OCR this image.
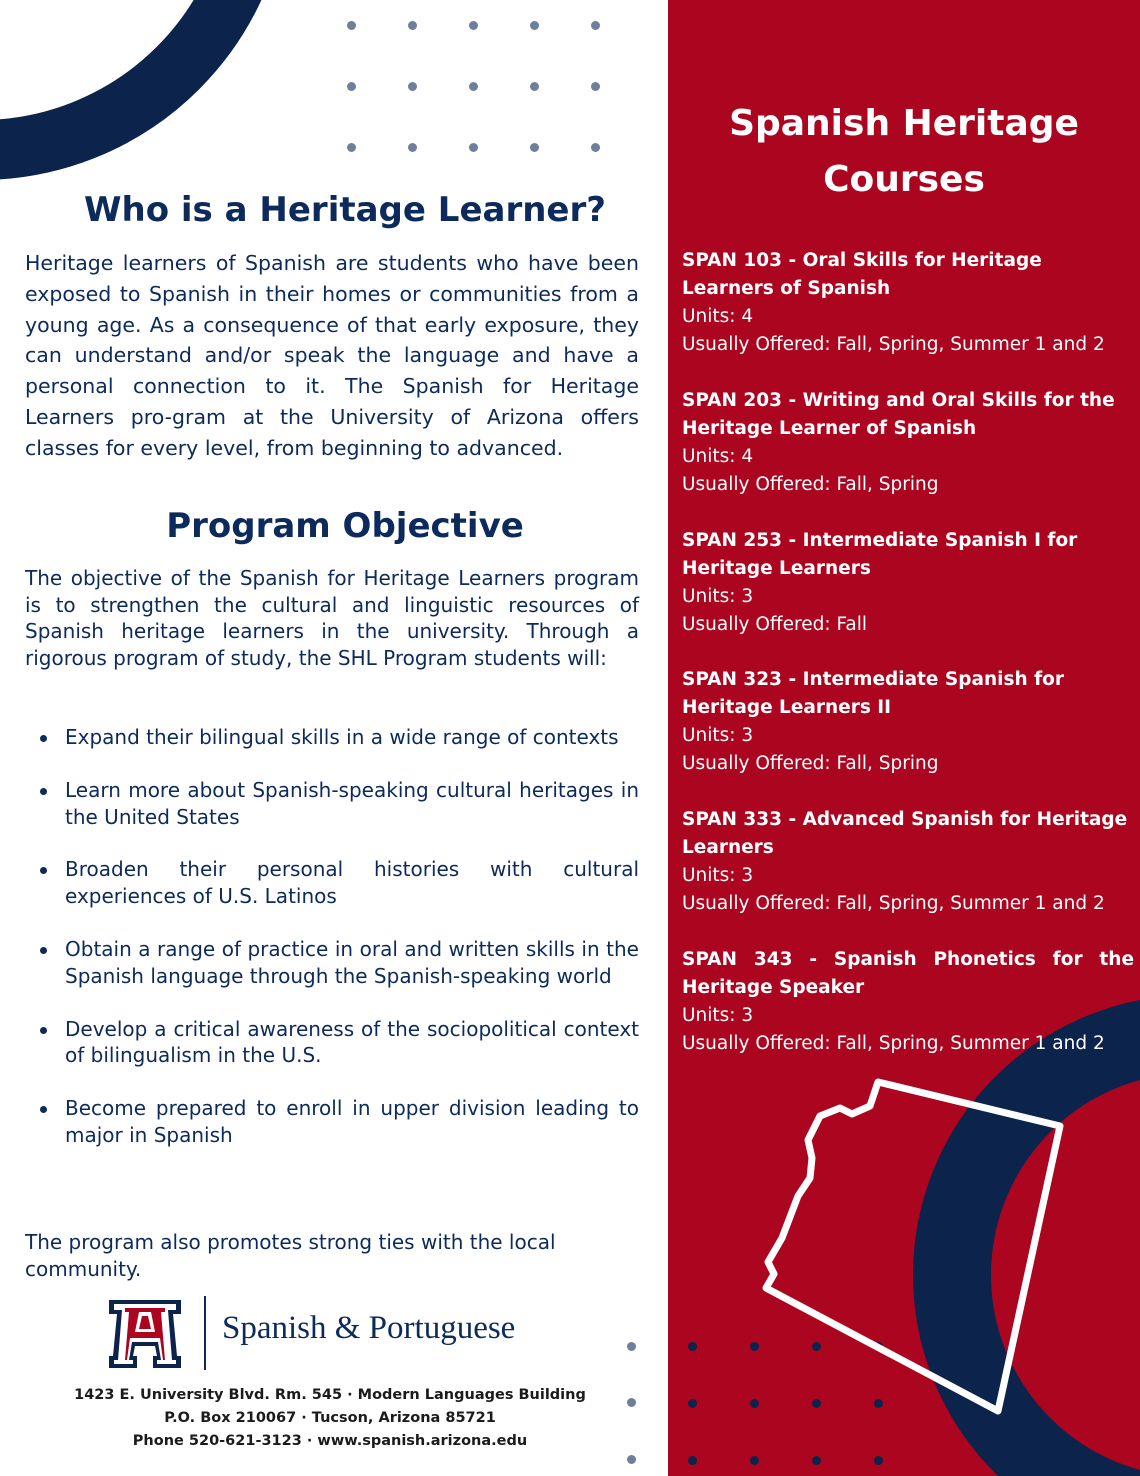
Who is a Heritage Learner?

Heritage learners of Spanish are students who have been exposed to Spanish in their homes or communities from a young age. As a consequence of that early exposure, they can understand and/or speak the language and have a personal connection to it. The Spanish for Heritage Learners pro-gram at the University of Arizona offers classes for every level, from beginning to advanced.

Program Objective

The objective of the Spanish for Heritage Learners program is to strengthen the cultural and linguistic resources of Spanish heritage learners in the university. Through a rigorous program of study, the SHL Program students will:

Expand their bilingual skills in a wide range of contexts
Learn more about Spanish-speaking cultural heritages in the United States
Broaden their personal histories with cultural experiences of U.S. Latinos
Obtain a range of practice in oral and written skills in the Spanish language through the Spanish-speaking world
Develop a critical awareness of the sociopolitical context of bilingualism in the U.S.
Become prepared to enroll in upper division leading to major in Spanish

The program also promotes strong ties with the local community.

Spanish & Portuguese
1423 E. University Blvd. Rm. 545 · Modern Languages Building
P.O. Box 210067 · Tucson, Arizona 85721
Phone 520-621-3123 · www.spanish.arizona.edu
Spanish Heritage
Courses
SPAN 103 - Oral Skills for Heritage Learners of Spanish
Units: 4
Usually Offered: Fall, Spring, Summer 1 and 2
SPAN 203 - Writing and Oral Skills for the Heritage Learner of Spanish
Units: 4
Usually Offered: Fall, Spring
SPAN 253 - Intermediate Spanish I for Heritage Learners
Units: 3
Usually Offered: Fall
SPAN 323 - Intermediate Spanish for Heritage Learners II
Units: 3
Usually Offered: Fall, Spring
SPAN 333 - Advanced Spanish for Heritage Learners
Units: 3
Usually Offered: Fall, Spring, Summer 1 and 2
SPAN 343 - Spanish Phonetics for the
Heritage Speaker
Units: 3
Usually Offered: Fall, Spring, Summer 1 and 2
